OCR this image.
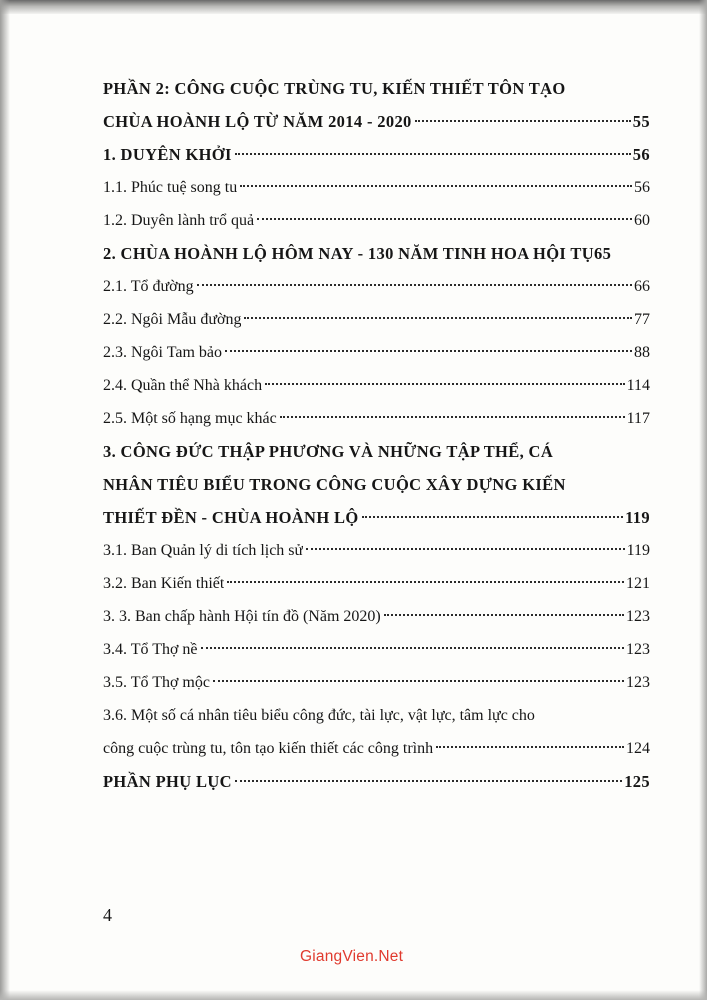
PHẦN 2: CÔNG CUỘC TRÙNG TU, KIẾN THIẾT TÔN TẠO
CHÙA HOÀNH LỘ TỪ NĂM 2014 - 2020	55
1. DUYÊN KHỞI	56
1.1. Phúc tuệ song tu	56
1.2. Duyên lành trổ quả	60
2. CHÙA HOÀNH LỘ HÔM NAY - 130 NĂM TINH HOA HỘI TỤ 65
2.1. Tổ đường	66
2.2. Ngôi Mẫu đường	77
2.3. Ngôi Tam bảo	88
2.4. Quần thể Nhà khách	114
2.5. Một số hạng mục khác	117
3. CÔNG ĐỨC THẬP PHƯƠNG VÀ NHỮNG TẬP THỂ, CÁ
NHÂN TIÊU BIỂU TRONG CÔNG CUỘC XÂY DỰNG KIẾN
THIẾT ĐỀN - CHÙA HOÀNH LỘ	119
3.1. Ban Quản lý di tích lịch sử	119
3.2. Ban Kiến thiết	121
3. 3. Ban chấp hành Hội tín đồ (Năm 2020)	123
3.4. Tổ Thợ nề	123
3.5. Tổ Thợ mộc	123
3.6. Một số cá nhân tiêu biểu công đức, tài lực, vật lực, tâm lực cho
công cuộc trùng tu, tôn tạo kiến thiết các công trình	124
PHẦN PHỤ LỤC	125
4
GiangVien.Net
